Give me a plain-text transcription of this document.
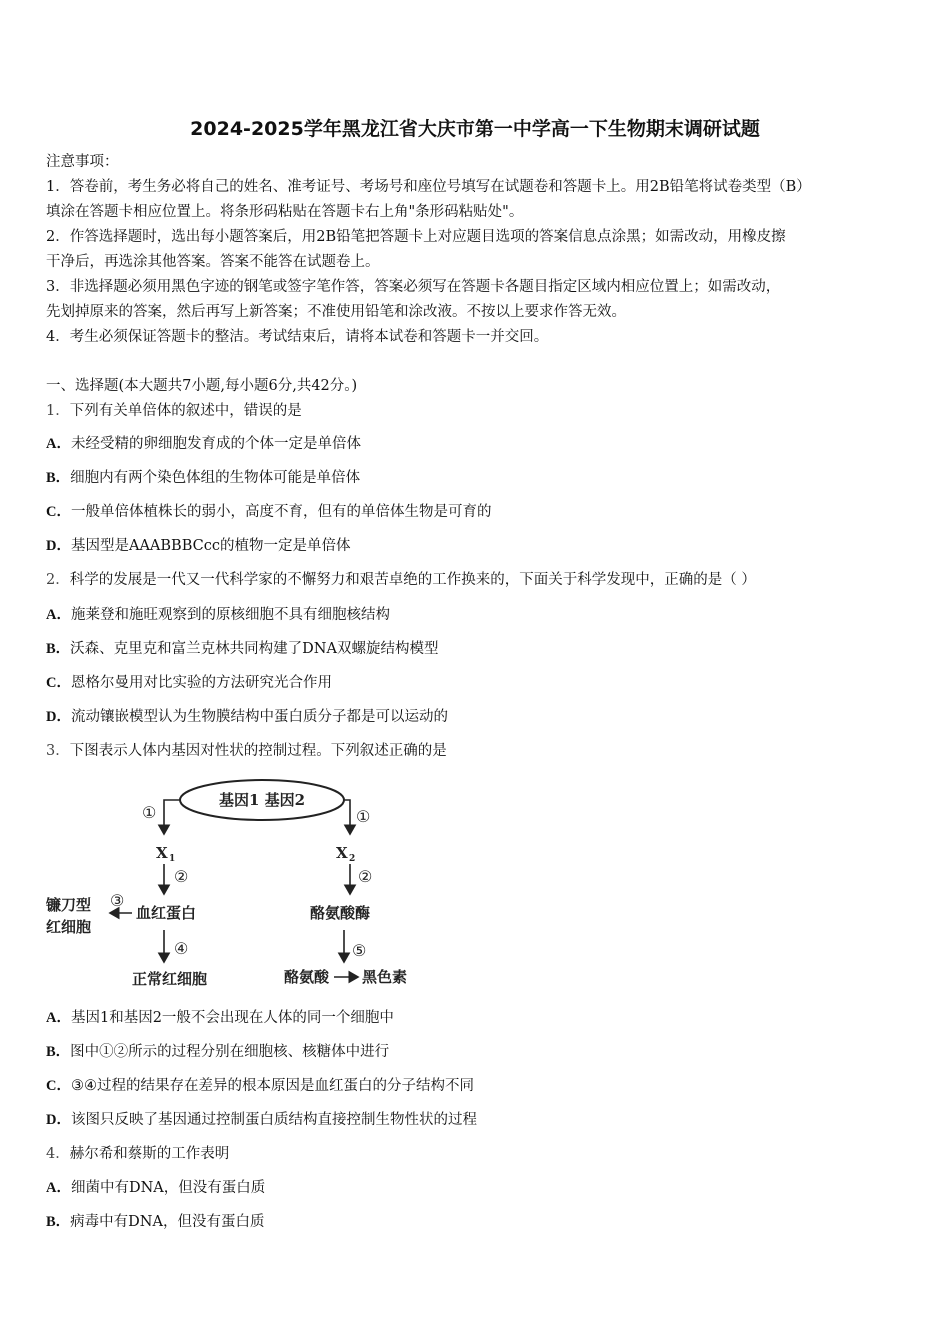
2024-2025学年黑龙江省大庆市第一中学高一下生物期末调研试题
注意事项：
1．答卷前，考生务必将自己的姓名、准考证号、考场号和座位号填写在试题卷和答题卡上。用2B铅笔将试卷类型（B）
填涂在答题卡相应位置上。将条形码粘贴在答题卡右上角"条形码粘贴处"。
2．作答选择题时，选出每小题答案后，用2B铅笔把答题卡上对应题目选项的答案信息点涂黑；如需改动，用橡皮擦
干净后，再选涂其他答案。答案不能答在试题卷上。
3．非选择题必须用黑色字迹的钢笔或签字笔作答，答案必须写在答题卡各题目指定区域内相应位置上；如需改动，
先划掉原来的答案，然后再写上新答案；不准使用铅笔和涂改液。不按以上要求作答无效。
4．考生必须保证答题卡的整洁。考试结束后，请将本试卷和答题卡一并交回。
一、选择题(本大题共7小题,每小题6分,共42分。)
1．下列有关单倍体的叙述中，错误的是
A．未经受精的卵细胞发育成的个体一定是单倍体
B．细胞内有两个染色体组的生物体可能是单倍体
C．一般单倍体植株长的弱小，高度不育，但有的单倍体生物是可育的
D．基因型是AAABBBCcc的植物一定是单倍体
2．科学的发展是一代又一代科学家的不懈努力和艰苦卓绝的工作换来的，下面关于科学发现中，正确的是（ ）
A．施莱登和施旺观察到的原核细胞不具有细胞核结构
B．沃森、克里克和富兰克林共同构建了DNA双螺旋结构模型
C．恩格尔曼用对比实验的方法研究光合作用
D．流动镶嵌模型认为生物膜结构中蛋白质分子都是可以运动的
3．下图表示人体内基因对性状的控制过程。下列叙述正确的是
基因1 基因2
①	①
X 1	X 2
②	②
血红蛋白	酪氨酸酶
③
镰刀型
红细胞
④
正常红细胞
⑤
酪氨酸 黑色素
A．基因1和基因2一般不会出现在人体的同一个细胞中
B．图中①②所示的过程分别在细胞核、核糖体中进行
C．③④过程的结果存在差异的根本原因是血红蛋白的分子结构不同
D．该图只反映了基因通过控制蛋白质结构直接控制生物性状的过程
4．赫尔希和蔡斯的工作表明
A．细菌中有DNA，但没有蛋白质
B．病毒中有DNA，但没有蛋白质
